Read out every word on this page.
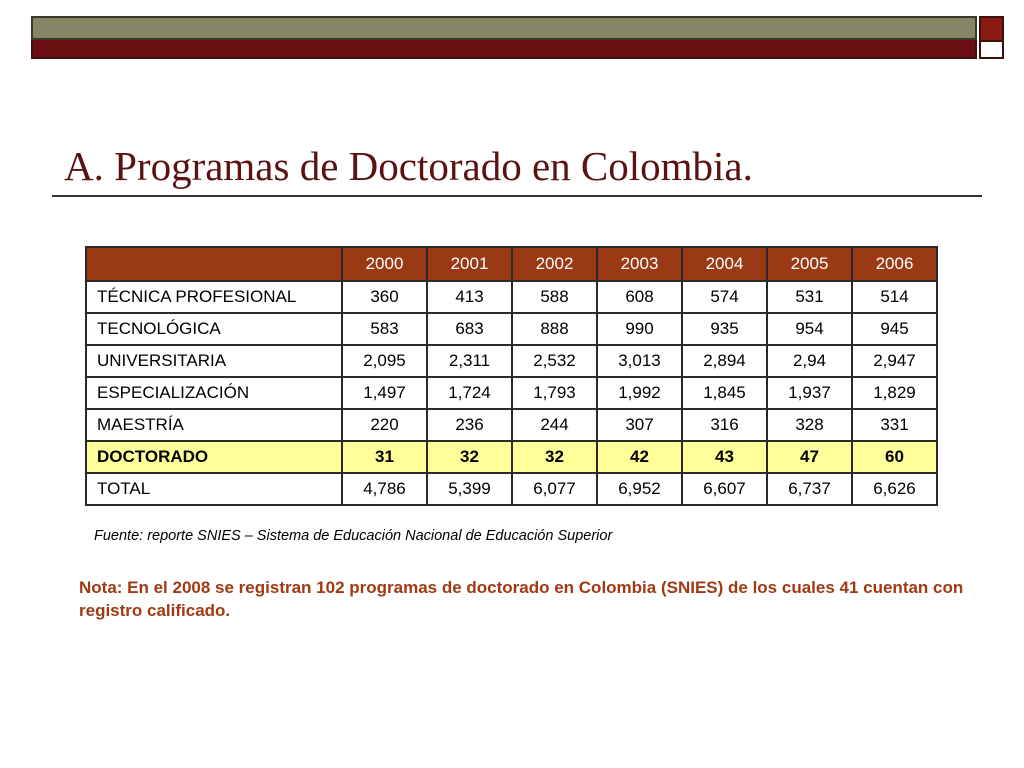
A. Programas de Doctorado en Colombia.
	2000	2001	2002	2003	2004	2005	2006
TÉCNICA PROFESIONAL	360	413	588	608	574	531	514
TECNOLÓGICA	583	683	888	990	935	954	945
UNIVERSITARIA	2,095	2,311	2,532	3,013	2,894	2,94	2,947
ESPECIALIZACIÓN	1,497	1,724	1,793	1,992	1,845	1,937	1,829
MAESTRÍA	220	236	244	307	316	328	331
DOCTORADO	31	32	32	42	43	47	60
TOTAL	4,786	5,399	6,077	6,952	6,607	6,737	6,626

Fuente: reporte SNIES – Sistema de Educación Nacional de Educación Superior

Nota: En el 2008 se registran 102 programas de doctorado en Colombia (SNIES) de los cuales 41 cuentan con registro calificado.
